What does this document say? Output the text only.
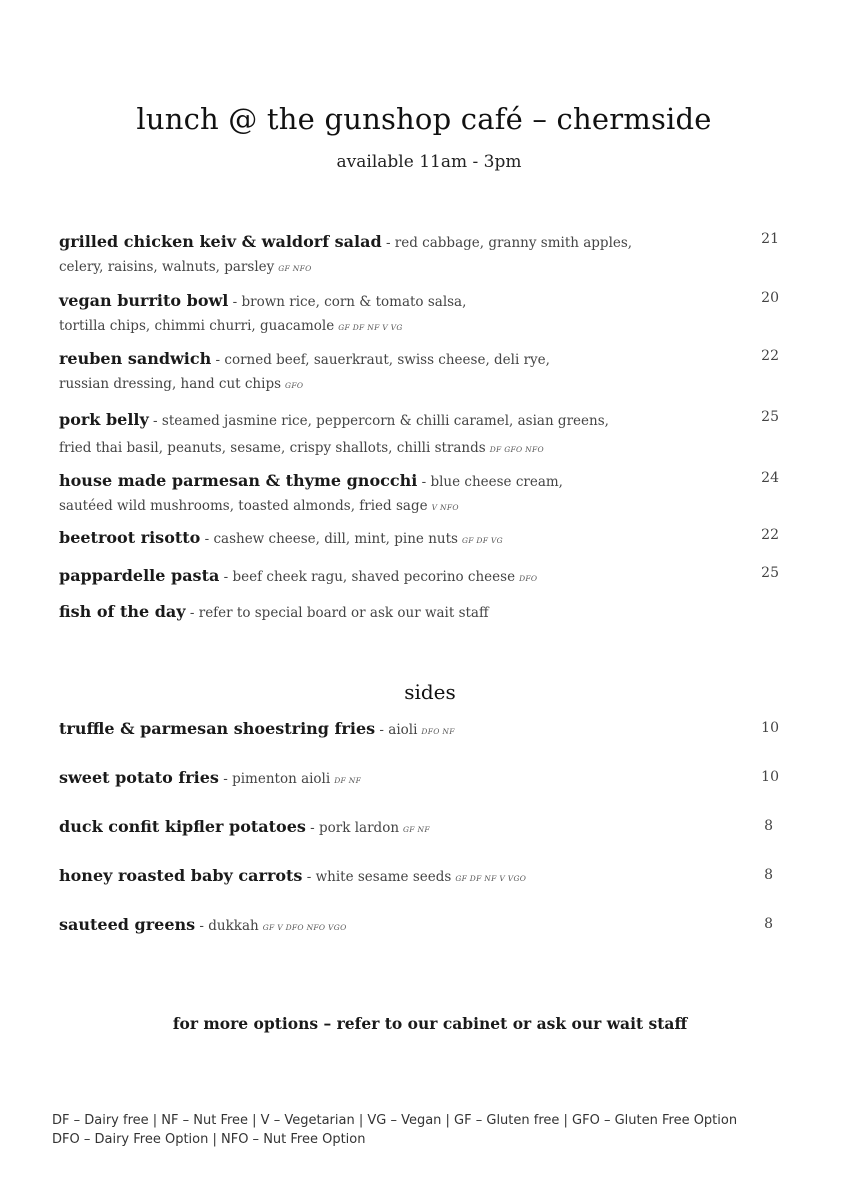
lunch @ the gunshop café – chermside
available 11am - 3pm
grilled chicken keiv & waldorf salad - red cabbage, granny smith apples,
celery, raisins, walnuts, parsley GF NFO
21
vegan burrito bowl - brown rice, corn & tomato salsa,
tortilla chips, chimmi churri, guacamole GF DF NF V VG
20
reuben sandwich - corned beef, sauerkraut, swiss cheese, deli rye,
russian dressing, hand cut chips GFO
22
pork belly - steamed jasmine rice, peppercorn & chilli caramel, asian greens,
fried thai basil, peanuts, sesame, crispy shallots, chilli strands DF GFO NFO
25
house made parmesan & thyme gnocchi - blue cheese cream,
sautéed wild mushrooms, toasted almonds, fried sage V NFO
24
beetroot risotto - cashew cheese, dill, mint, pine nuts GF DF VG	22
pappardelle pasta - beef cheek ragu, shaved pecorino cheese DFO	25
fish of the day - refer to special board or ask our wait staff
sides
truffle & parmesan shoestring fries - aioli DFO NF	10
sweet potato fries - pimenton aioli DF NF	10
duck confit kipfler potatoes - pork lardon GF NF	8
honey roasted baby carrots - white sesame seeds GF DF NF V VGO	8
sauteed greens - dukkah GF V DFO NFO VGO	8
for more options – refer to our cabinet or ask our wait staff
DF – Dairy free | NF – Nut Free | V – Vegetarian | VG – Vegan | GF – Gluten free | GFO – Gluten Free Option
DFO – Dairy Free Option | NFO – Nut Free Option
